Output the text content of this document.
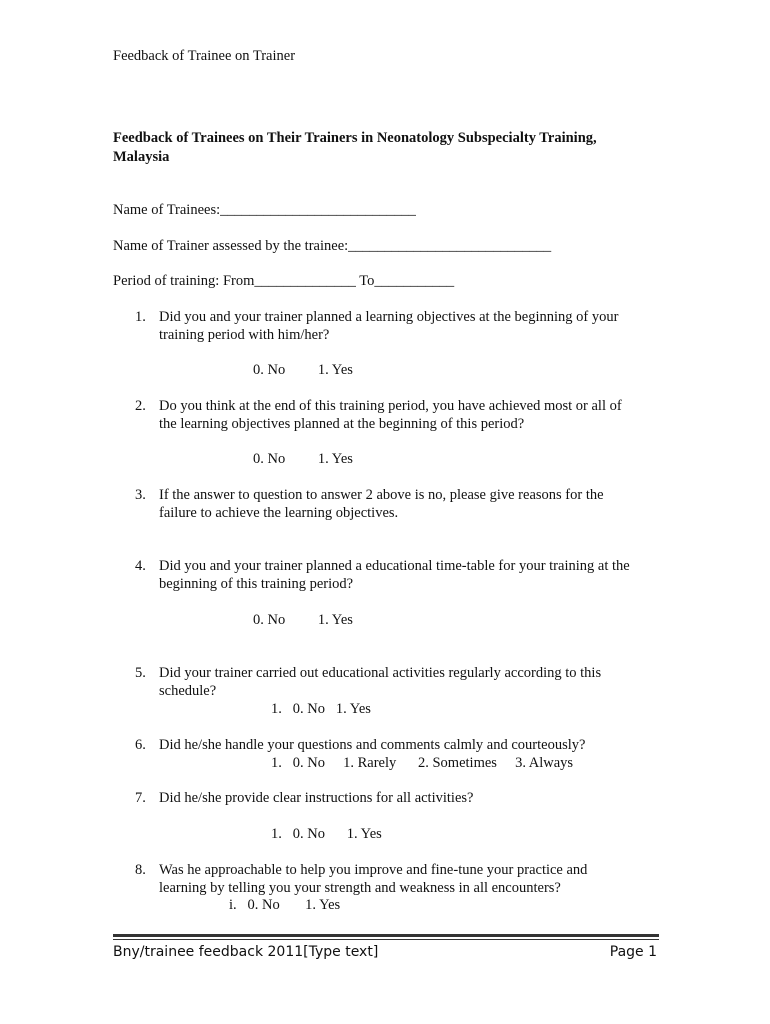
Feedback of Trainee on Trainer
Feedback of Trainees on Their Trainers in Neonatology Subspecialty Training,
Malaysia
Name of Trainees:___________________________
Name of Trainer assessed by the trainee:____________________________
Period of training: From______________ To___________
1. Did you and your trainer planned a learning objectives at the beginning of your
training period with him/her?
0. No         1. Yes
2. Do you think at the end of this training period, you have achieved most or all of
the learning objectives planned at the beginning of this period?
0. No         1. Yes
3. If the answer to question to answer 2 above is no, please give reasons for the
failure to achieve the learning objectives.
4. Did you and your trainer planned a educational time-table for your training at the
beginning of this training period?
0. No         1. Yes
5. Did your trainer carried out educational activities regularly according to this
schedule?
1.   0. No   1. Yes
6. Did he/she handle your questions and comments calmly and courteously?
1.   0. No     1. Rarely      2. Sometimes     3. Always
7. Did he/she provide clear instructions for all activities?
1.   0. No      1. Yes
8. Was he approachable to help you improve and fine-tune your practice and
learning by telling you your strength and weakness in all encounters?
i.   0. No       1. Yes
Bny/trainee feedback 2011[Type text]	Page 1
